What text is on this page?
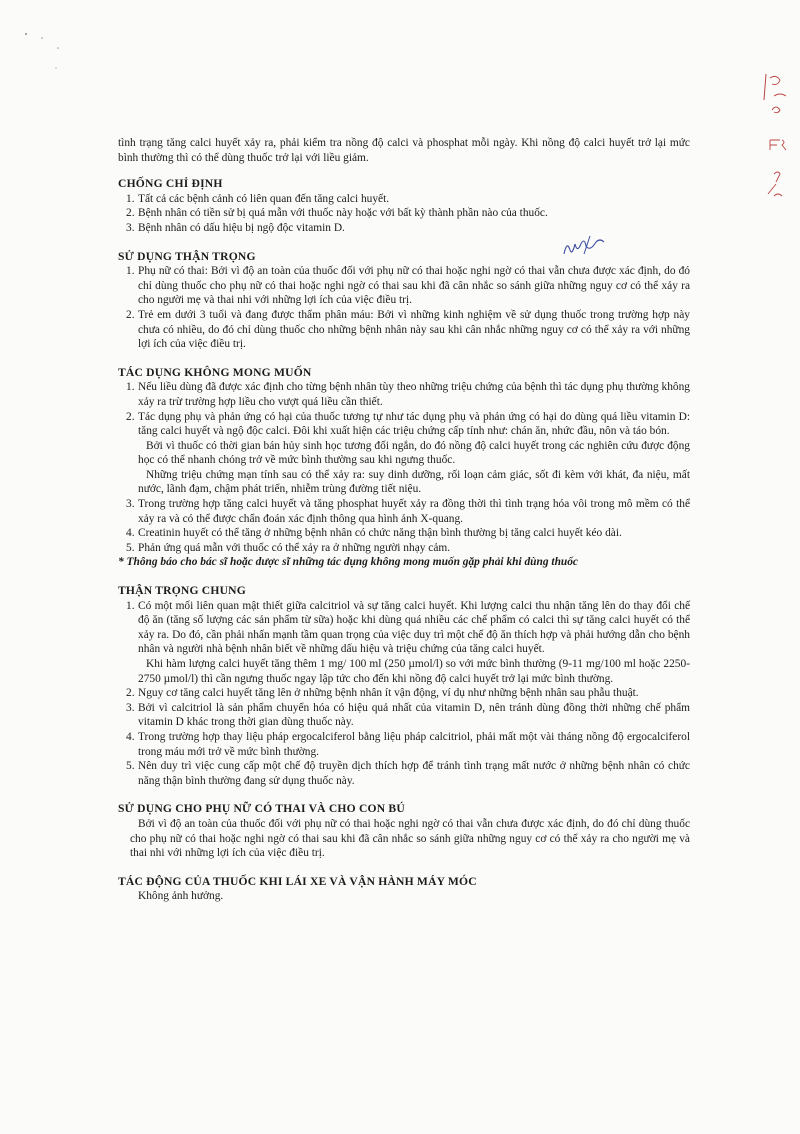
tình trạng tăng calci huyết xảy ra, phải kiểm tra nồng độ calci và phosphat mỗi ngày. Khi nồng độ calci huyết trở lại mức bình thường thì có thể dùng thuốc trở lại với liều giảm.

CHỐNG CHỈ ĐỊNH

1. Tất cả các bệnh cảnh có liên quan đến tăng calci huyết.
2. Bệnh nhân có tiền sử bị quá mẫn với thuốc này hoặc với bất kỳ thành phần nào của thuốc.
3. Bệnh nhân có dấu hiệu bị ngộ độc vitamin D.

SỬ DỤNG THẬN TRỌNG

1. Phụ nữ có thai: Bởi vì độ an toàn của thuốc đối với phụ nữ có thai hoặc nghi ngờ có thai vẫn chưa được xác định, do đó chỉ dùng thuốc cho phụ nữ có thai hoặc nghi ngờ có thai sau khi đã cân nhắc so sánh giữa những nguy cơ có thể xảy ra cho người mẹ và thai nhi với những lợi ích của việc điều trị.
2. Trẻ em dưới 3 tuổi và đang được thẩm phân máu: Bởi vì những kinh nghiệm về sử dụng thuốc trong trường hợp này chưa có nhiều, do đó chỉ dùng thuốc cho những bệnh nhân này sau khi cân nhắc những nguy cơ có thể xảy ra với những lợi ích của việc điều trị.

TÁC DỤNG KHÔNG MONG MUỐN

1. Nếu liều dùng đã được xác định cho từng bệnh nhân tùy theo những triệu chứng của bệnh thì tác dụng phụ thường không xảy ra trừ trường hợp liều cho vượt quá liều cần thiết.
2. Tác dụng phụ và phản ứng có hại của thuốc tương tự như tác dụng phụ và phản ứng có hại do dùng quá liều vitamin D: tăng calci huyết và ngộ độc calci. Đôi khi xuất hiện các triệu chứng cấp tính như: chán ăn, nhức đầu, nôn và táo bón.

Bởi vì thuốc có thời gian bán hủy sinh học tương đối ngắn, do đó nồng độ calci huyết trong các nghiên cứu được động học có thể nhanh chóng trở về mức bình thường sau khi ngưng thuốc.

Những triệu chứng mạn tính sau có thể xảy ra: suy dinh dưỡng, rối loạn cảm giác, sốt đi kèm với khát, đa niệu, mất nước, lãnh đạm, chậm phát triển, nhiễm trùng đường tiết niệu.

3. Trong trường hợp tăng calci huyết và tăng phosphat huyết xảy ra đồng thời thì tình trạng hóa vôi trong mô mềm có thể xảy ra và có thể được chẩn đoán xác định thông qua hình ảnh X-quang.
4. Creatinin huyết có thể tăng ở những bệnh nhân có chức năng thận bình thường bị tăng calci huyết kéo dài.
5. Phản ứng quá mẫn với thuốc có thể xảy ra ở những người nhạy cảm.

* Thông báo cho bác sĩ hoặc dược sĩ những tác dụng không mong muốn gặp phải khi dùng thuốc

THẬN TRỌNG CHUNG

1. Có một mối liên quan mật thiết giữa calcitriol và sự tăng calci huyết. Khi lượng calci thu nhận tăng lên do thay đổi chế độ ăn (tăng số lượng các sản phẩm từ sữa) hoặc khi dùng quá nhiều các chế phẩm có calci thì sự tăng calci huyết có thể xảy ra. Do đó, cần phải nhấn mạnh tầm quan trọng của việc duy trì một chế độ ăn thích hợp và phải hướng dẫn cho bệnh nhân và người nhà bệnh nhân biết về những dấu hiệu và triệu chứng của tăng calci huyết.

Khi hàm lượng calci huyết tăng thêm 1 mg/ 100 ml (250 µmol/l) so với mức bình thường (9-11 mg/100 ml hoặc 2250-2750 µmol/l) thì cần ngưng thuốc ngay lập tức cho đến khi nồng độ calci huyết trở lại mức bình thường.

2. Nguy cơ tăng calci huyết tăng lên ở những bệnh nhân ít vận động, ví dụ như những bệnh nhân sau phẫu thuật.
3. Bởi vì calcitriol là sản phẩm chuyển hóa có hiệu quả nhất của vitamin D, nên tránh dùng đồng thời những chế phẩm vitamin D khác trong thời gian dùng thuốc này.
4. Trong trường hợp thay liệu pháp ergocalciferol bằng liệu pháp calcitriol, phải mất một vài tháng nồng độ ergocalciferol trong máu mới trở về mức bình thường.
5. Nên duy trì việc cung cấp một chế độ truyền dịch thích hợp để tránh tình trạng mất nước ở những bệnh nhân có chức năng thận bình thường đang sử dụng thuốc này.

SỬ DỤNG CHO PHỤ NỮ CÓ THAI VÀ CHO CON BÚ

Bởi vì độ an toàn của thuốc đối với phụ nữ có thai hoặc nghi ngờ có thai vẫn chưa được xác định, do đó chỉ dùng thuốc cho phụ nữ có thai hoặc nghi ngờ có thai sau khi đã cân nhắc so sánh giữa những nguy cơ có thể xảy ra cho người mẹ và thai nhi với những lợi ích của việc điều trị.

TÁC ĐỘNG CỦA THUỐC KHI LÁI XE VÀ VẬN HÀNH MÁY MÓC

Không ảnh hưởng.
